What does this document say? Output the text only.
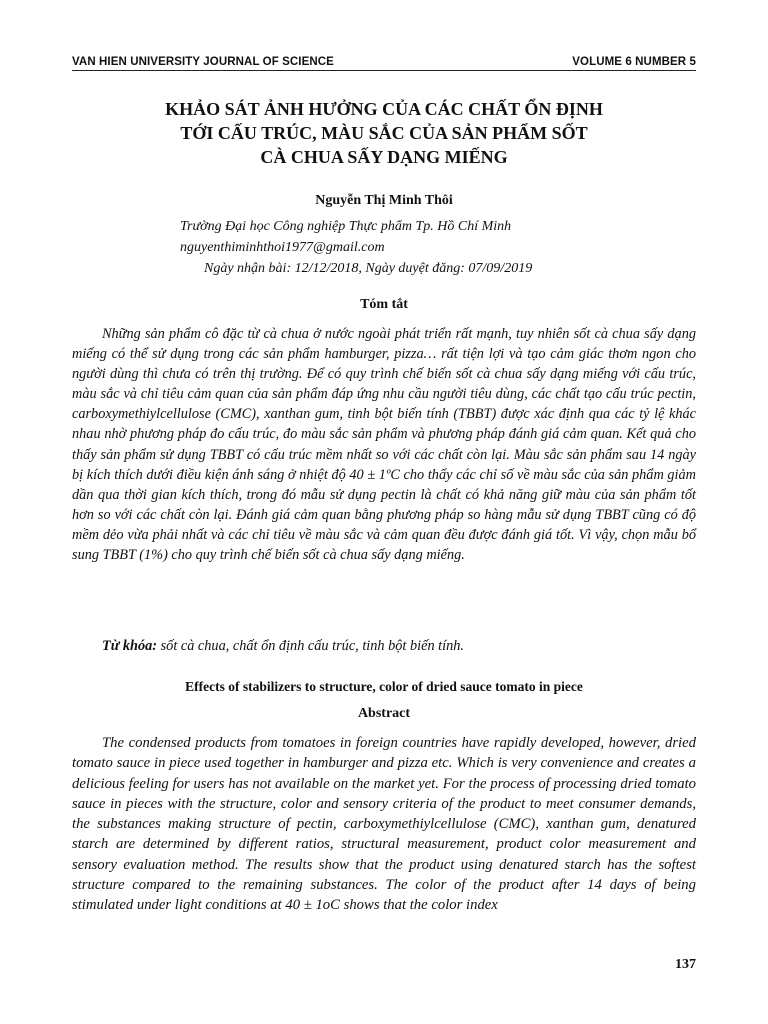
VAN HIEN UNIVERSITY JOURNAL OF SCIENCE	VOLUME 6 NUMBER 5
KHẢO SÁT ẢNH HƯỞNG CỦA CÁC CHẤT ỔN ĐỊNH
TỚI CẤU TRÚC, MÀU SẮC CỦA SẢN PHẨM SỐT
CÀ CHUA SẤY DẠNG MIẾNG
Nguyễn Thị Minh Thôi
Trường Đại học Công nghiệp Thực phẩm Tp. Hồ Chí Minh
nguyenthiminhthoi1977@gmail.com
Ngày nhận bài: 12/12/2018, Ngày duyệt đăng: 07/09/2019
Tóm tắt

Những sản phẩm cô đặc từ cà chua ở nước ngoài phát triển rất mạnh, tuy nhiên sốt cà chua sấy dạng miếng có thể sử dụng trong các sản phẩm hamburger, pizza… rất tiện lợi và tạo cảm giác thơm ngon cho người dùng thì chưa có trên thị trường. Để có quy trình chế biến sốt cà chua sấy dạng miếng với cấu trúc, màu sắc và chỉ tiêu cảm quan của sản phẩm đáp ứng nhu cầu người tiêu dùng, các chất tạo cấu trúc pectin, carboxymethiylcellulose (CMC), xanthan gum, tinh bột biến tính (TBBT) được xác định qua các tỷ lệ khác nhau nhờ phương pháp đo cấu trúc, đo màu sắc sản phẩm và phương pháp đánh giá cảm quan. Kết quả cho thấy sản phẩm sử dụng TBBT có cấu trúc mềm nhất so với các chất còn lại. Màu sắc sản phẩm sau 14 ngày bị kích thích dưới điều kiện ánh sáng ở nhiệt độ 40 ± 1ºC cho thấy các chỉ số về màu sắc của sản phẩm giảm dần qua thời gian kích thích, trong đó mẫu sử dụng pectin là chất có khả năng giữ màu của sản phẩm tốt hơn so với các chất còn lại. Đánh giá cảm quan bằng phương pháp so hàng mẫu sử dụng TBBT cũng có độ mềm dẻo vừa phải nhất và các chỉ tiêu về màu sắc và cảm quan đều được đánh giá tốt. Vì vậy, chọn mẫu bổ sung TBBT (1%) cho quy trình chế biến sốt cà chua sấy dạng miếng.

Từ khóa: sốt cà chua, chất ổn định cấu trúc, tinh bột biến tính.
Effects of stabilizers to structure, color of dried sauce tomato in piece
Abstract

The condensed products from tomatoes in foreign countries have rapidly developed, however, dried tomato sauce in piece used together in hamburger and pizza etc. Which is very convenience and creates a delicious feeling for users has not available on the market yet. For the process of processing dried tomato sauce in pieces with the structure, color and sensory criteria of the product to meet consumer demands, the substances making structure of pectin, carboxymethiylcellulose (CMC), xanthan gum, denatured starch are determined by different ratios, structural measurement, product color measurement and sensory evaluation method. The results show that the product using denatured starch has the softest structure compared to the remaining substances. The color of the product after 14 days of being stimulated under light conditions at 40 ± 1oC shows that the color index

137
